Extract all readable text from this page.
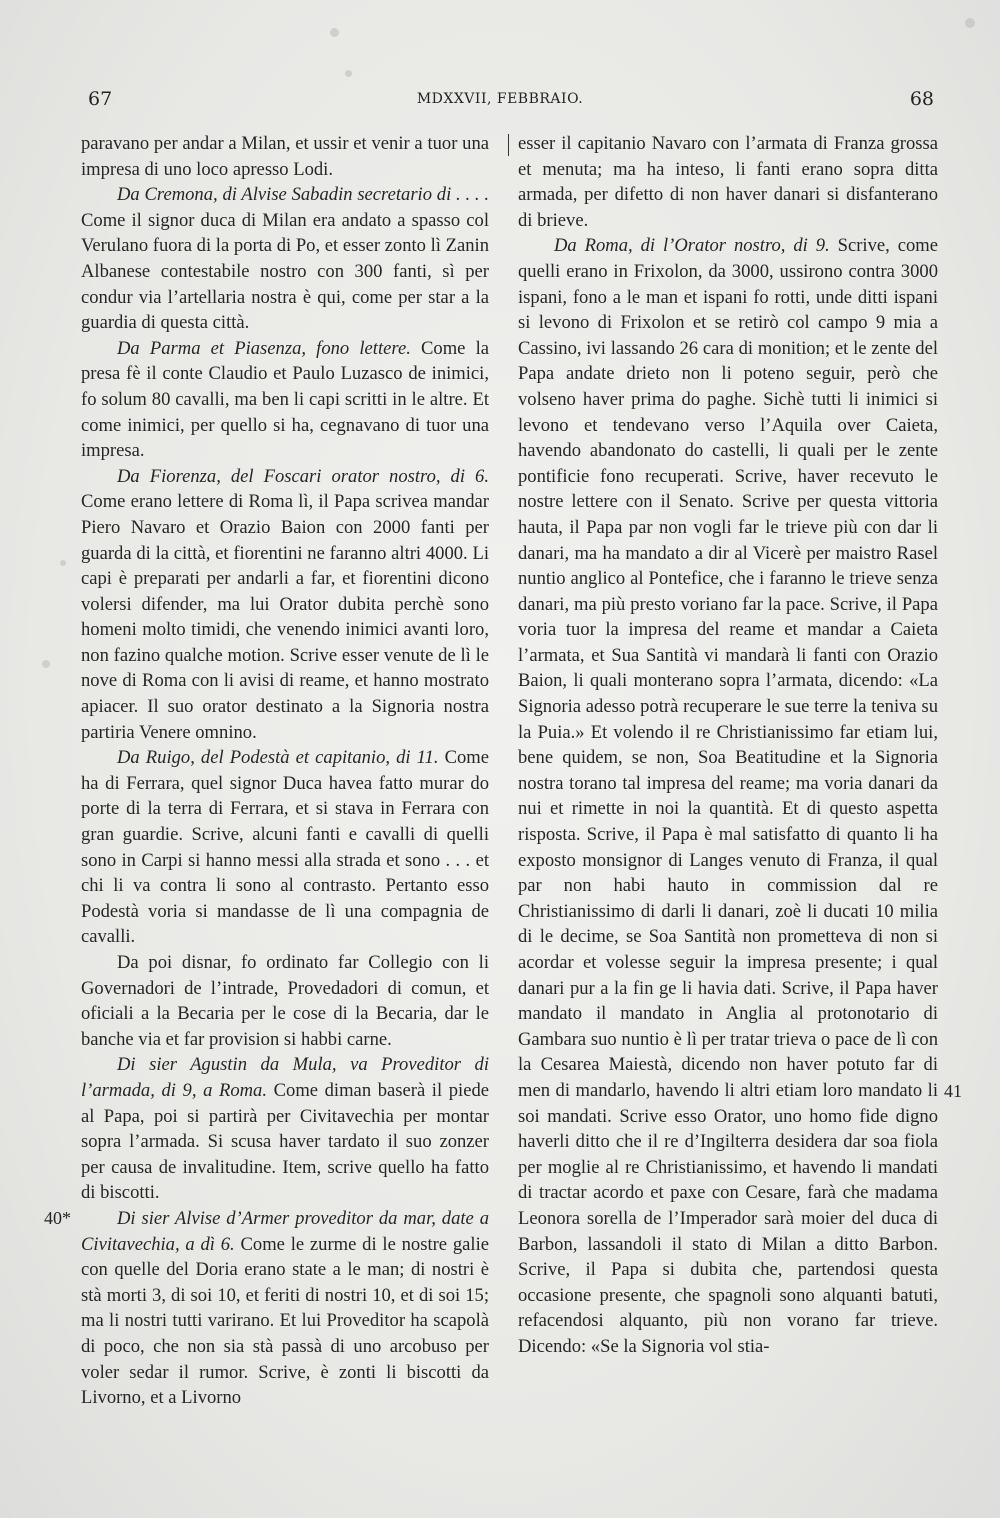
67	MDXXVII, FEBBRAIO.	68

paravano per andar a Milan, et ussir et venir a tuor una impresa di uno loco apresso Lodi.

Da Cremona, di Alvise Sabadin secretario di . . . . Come il signor duca di Milan era andato a spasso col Verulano fuora di la porta di Po, et esser zonto lì Zanin Albanese contestabile nostro con 300 fanti, sì per condur via l’artellaria nostra è qui, come per star a la guardia di questa città.

Da Parma et Piasenza, fono lettere. Come la presa fè il conte Claudio et Paulo Luzasco de inimici, fo solum 80 cavalli, ma ben li capi scritti in le altre. Et come inimici, per quello si ha, cegnavano di tuor una impresa.

Da Fiorenza, del Foscari orator nostro, di 6. Come erano lettere di Roma lì, il Papa scrivea mandar Piero Navaro et Orazio Baion con 2000 fanti per guarda di la città, et fiorentini ne faranno altri 4000. Li capi è preparati per andarli a far, et fiorentini dicono volersi difender, ma lui Orator dubita perchè sono homeni molto timidi, che venendo inimici avanti loro, non fazino qualche motion. Scrive esser venute de lì le nove di Roma con li avisi di reame, et hanno mostrato apiacer. Il suo orator destinato a la Signoria nostra partiria Venere omnino.

Da Ruigo, del Podestà et capitanio, di 11. Come ha di Ferrara, quel signor Duca havea fatto murar do porte di la terra di Ferrara, et si stava in Ferrara con gran guardie. Scrive, alcuni fanti e cavalli di quelli sono in Carpi si hanno messi alla strada et sono . . . et chi li va contra li sono al contrasto. Pertanto esso Podestà voria si mandasse de lì una compagnia de cavalli.

Da poi disnar, fo ordinato far Collegio con li Governadori de l’intrade, Provedadori di comun, et oficiali a la Becaria per le cose di la Becaria, dar le banche via et far provision si habbi carne.

Di sier Agustin da Mula, va Proveditor di l’armada, di 9, a Roma. Come diman baserà il piede al Papa, poi si partirà per Civitavechia per montar sopra l’armada. Si scusa haver tardato il suo zonzer per causa de invalitudine. Item, scrive quello ha fatto di biscotti.

Di sier Alvise d’Armer proveditor da mar, date a Civitavechia, a dì 6. Come le zurme di le nostre galie con quelle del Doria erano state a le man; di nostri è stà morti 3, di soi 10, et feriti di nostri 10, et di soi 15; ma li nostri tutti varirano. Et lui Proveditor ha scapolà di poco, che non sia stà passà di uno arcobuso per voler sedar il rumor. Scrive, è zonti li biscotti da Livorno, et a Livorno

esser il capitanio Navaro con l’armata di Franza grossa et menuta; ma ha inteso, li fanti erano sopra ditta armada, per difetto di non haver danari si disfanterano di brieve.

Da Roma, di l’Orator nostro, di 9. Scrive, come quelli erano in Frixolon, da 3000, ussirono contra 3000 ispani, fono a le man et ispani fo rotti, unde ditti ispani si levono di Frixolon et se retirò col campo 9 mia a Cassino, ivi lassando 26 cara di monition; et le zente del Papa andate drieto non li poteno seguir, però che volseno haver prima do paghe. Sichè tutti li inimici si levono et tendevano verso l’Aquila over Caieta, havendo abandonato do castelli, li quali per le zente pontificie fono recuperati. Scrive, haver recevuto le nostre lettere con il Senato. Scrive per questa vittoria hauta, il Papa par non vogli far le trieve più con dar li danari, ma ha mandato a dir al Vicerè per maistro Rasel nuntio anglico al Pontefice, che i faranno le trieve senza danari, ma più presto voriano far la pace. Scrive, il Papa voria tuor la impresa del reame et mandar a Caieta l’armata, et Sua Santità vi mandarà li fanti con Orazio Baion, li quali monterano sopra l’armata, dicendo: «La Signoria adesso potrà recuperare le sue terre la teniva su la Puia.» Et volendo il re Christianissimo far etiam lui, bene quidem, se non, Soa Beatitudine et la Signoria nostra torano tal impresa del reame; ma voria danari da nui et rimette in noi la quantità. Et di questo aspetta risposta. Scrive, il Papa è mal satisfatto di quanto li ha exposto monsignor di Langes venuto di Franza, il qual par non habi hauto in commission dal re Christianissimo di darli li danari, zoè li ducati 10 milia di le decime, se Soa Santità non promettevа di non si acordar et volesse seguir la impresa presente; i qual danari pur a la fin ge li havia dati. Scrive, il Papa haver mandato il mandato in Anglia al protonotario di Gambara suo nuntio è lì per tratar trieva o pace de lì con la Cesarea Maiestà, dicendo non haver potuto far di men di mandarlo, havendo li altri etiam loro mandato li soi mandati. Scrive esso Orator, uno homo fide digno haverli ditto che il re d’Ingilterra desidera dar soa fiola per moglie al re Christianissimo, et havendo li mandati di tractar acordo et paxe con Cesare, farà che madama Leonora sorella de l’Imperador sarà moier del duca di Barbon, lassandoli il stato di Milan a ditto Barbon. Scrive, il Papa si dubita che, partendosi questa occasione presente, che spagnoli sono alquanti batuti, refacendosi alquanto, più non vorano far trieve. Dicendo: «Se la Signoria vol stia-

41
40*
